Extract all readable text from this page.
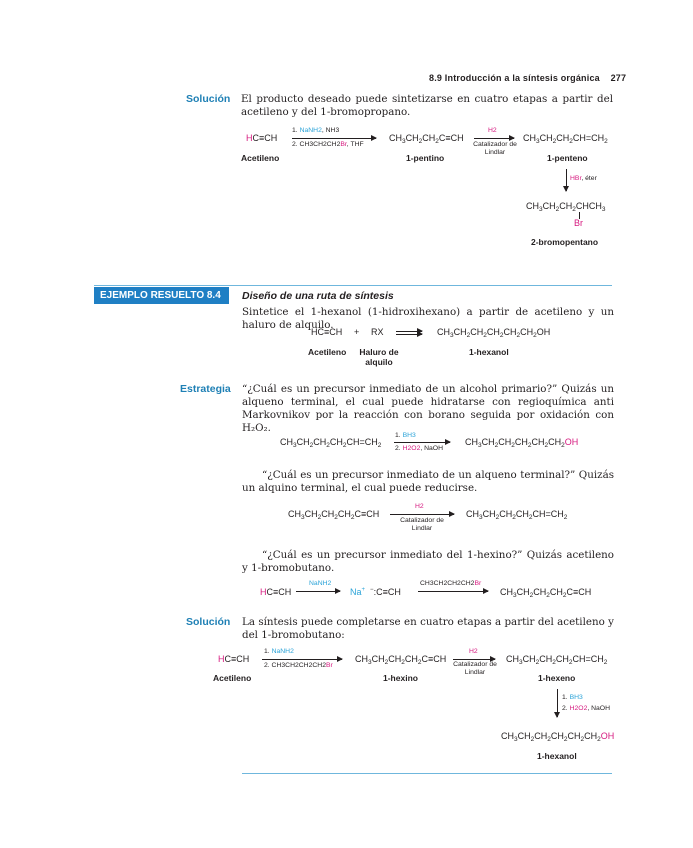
8.9 Introducción a la síntesis orgánica 277
Solución El producto deseado puede sintetizarse en cuatro etapas a partir del acetileno y del 1-bromopropano.
HC≡CH
1. NaNH2, NH3
2. CH3CH2CH2Br, THF
Acetileno
$CH_3CH_2CH_2C\equiv CH$
1-pentino
H2
Catalizador de Lindlar
$CH_3CH_2CH_2CH=CH_2$
1-penteno
HBr, éter
$CH_3CH_2CH_2CHCH_3$
Br
2-bromopentano
EJEMPLO RESUELTO 8.4	Diseño de una ruta de síntesis
Sintetice el 1-hexanol (1-hidroxihexano) a partir de acetileno y un haluro de alquilo.
HC≡CH + RX	$CH_3CH_2CH_2CH_2CH_2CH_2OH$
Acetileno	Haluro de alquilo
1-hexanol
Estrategia “¿Cuál es un precursor inmediato de un alcohol primario?” Quizás un alqueno terminal, el cual puede hidratarse con regioquímica anti Markovnikov por la reacción con borano seguida por oxidación con H₂O₂.
$CH_3CH_2CH_2CH_2CH=CH_2$
1. BH3
2. H2O2, NaOH
$CH_3CH_2CH_2CH_2CH_2CH_2OH$
“¿Cuál es un precursor inmediato de un alqueno terminal?” Quizás un alquino terminal, el cual puede reducirse.
$CH_3CH_2CH_2CH_2C\equiv CH$
H2
Catalizador de Lindlar
$CH_3CH_2CH_2CH_2CH=CH_2$
“¿Cuál es un precursor inmediato del 1-hexino?” Quizás acetileno y 1-bromobutano.
HC≡CH
NaNH2
Na+ −:C≡CH
CH3CH2CH2CH2Br
$CH_3CH_2CH_2CH_2C\equiv CH$
Solución La síntesis puede completarse en cuatro etapas a partir del acetileno y del 1-bromobutano:
HC≡CH
Acetileno
1. NaNH2
2. CH3CH2CH2CH2Br
$CH_3CH_2CH_2CH_2C\equiv CH$
1-hexino
H2
Catalizador de Lindlar
$CH_3CH_2CH_2CH_2CH=CH_2$
1-hexeno
1. BH3
2. H2O2, NaOH
$CH_3CH_2CH_2CH_2CH_2CH_2OH$
1-hexanol
